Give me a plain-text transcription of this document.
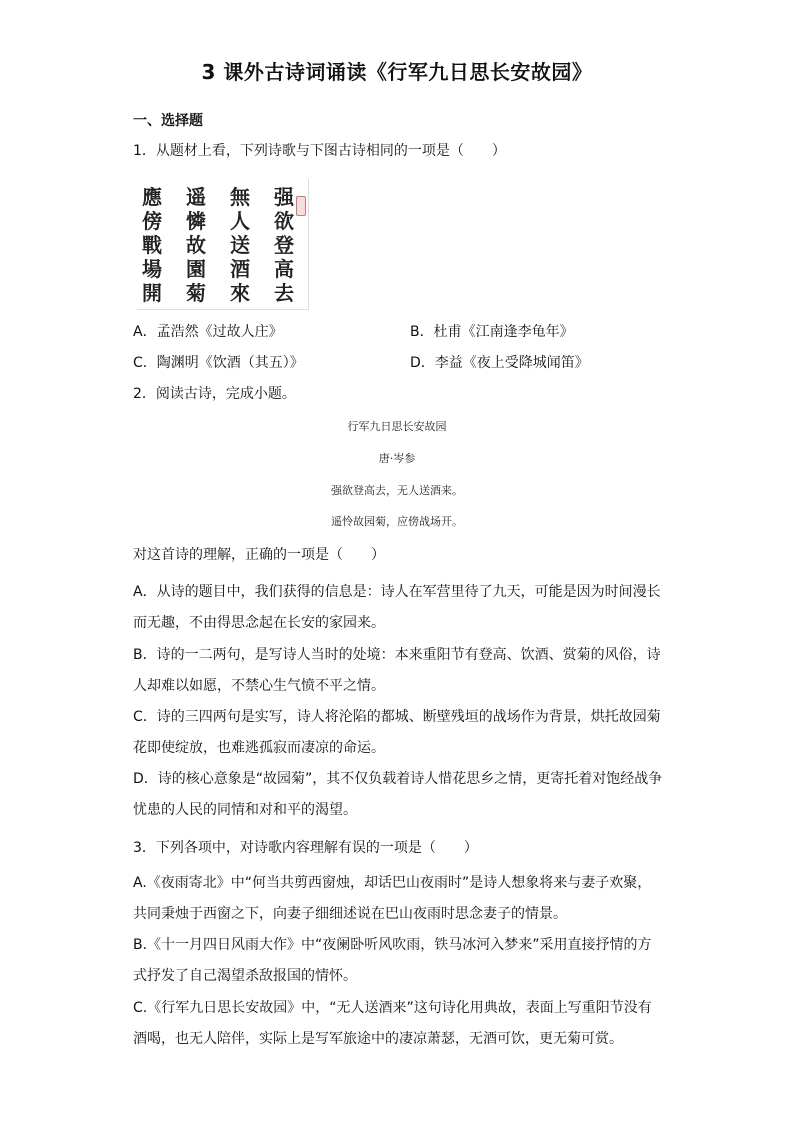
3 课外古诗词诵读《行军九日思长安故园》
一、选择题
1．从题材上看，下列诗歌与下图古诗相同的一项是（　　）
强
欲
登
高
去
無
人
送
酒
來
遥
憐
故
園
菊
應
傍
戰
場
開
A．孟浩然《过故人庄》	B．杜甫《江南逢李龟年》
C．陶渊明《饮酒（其五）》	D．李益《夜上受降城闻笛》
2．阅读古诗，完成小题。
行军九日思长安故园
唐·岑参
强欲登高去，无人送酒来。
遥怜故园菊，应傍战场开。
对这首诗的理解，正确的一项是（　　）
A．从诗的题目中，我们获得的信息是：诗人在军营里待了九天，可能是因为时间漫长而无趣，不由得思念起在长安的家园来。
B．诗的一二两句，是写诗人当时的处境：本来重阳节有登高、饮酒、赏菊的风俗，诗人却难以如愿，不禁心生气愤不平之情。
C．诗的三四两句是实写，诗人将沦陷的都城、断壁残垣的战场作为背景，烘托故园菊花即使绽放，也难逃孤寂而凄凉的命运。
D．诗的核心意象是“故园菊”，其不仅负载着诗人惜花思乡之情，更寄托着对饱经战争忧患的人民的同情和对和平的渴望。
3．下列各项中，对诗歌内容理解有误的一项是（　　）
A.《夜雨寄北》中“何当共剪西窗烛，却话巴山夜雨时”是诗人想象将来与妻子欢聚，共同秉烛于西窗之下，向妻子细细述说在巴山夜雨时思念妻子的情景。
B.《十一月四日风雨大作》中“夜阑卧听风吹雨，铁马冰河入梦来”采用直接抒情的方式抒发了自己渴望杀敌报国的情怀。
C.《行军九日思长安故园》中，“无人送酒来”这句诗化用典故，表面上写重阳节没有酒喝，也无人陪伴，实际上是写军旅途中的凄凉萧瑟，无酒可饮，更无菊可赏。
